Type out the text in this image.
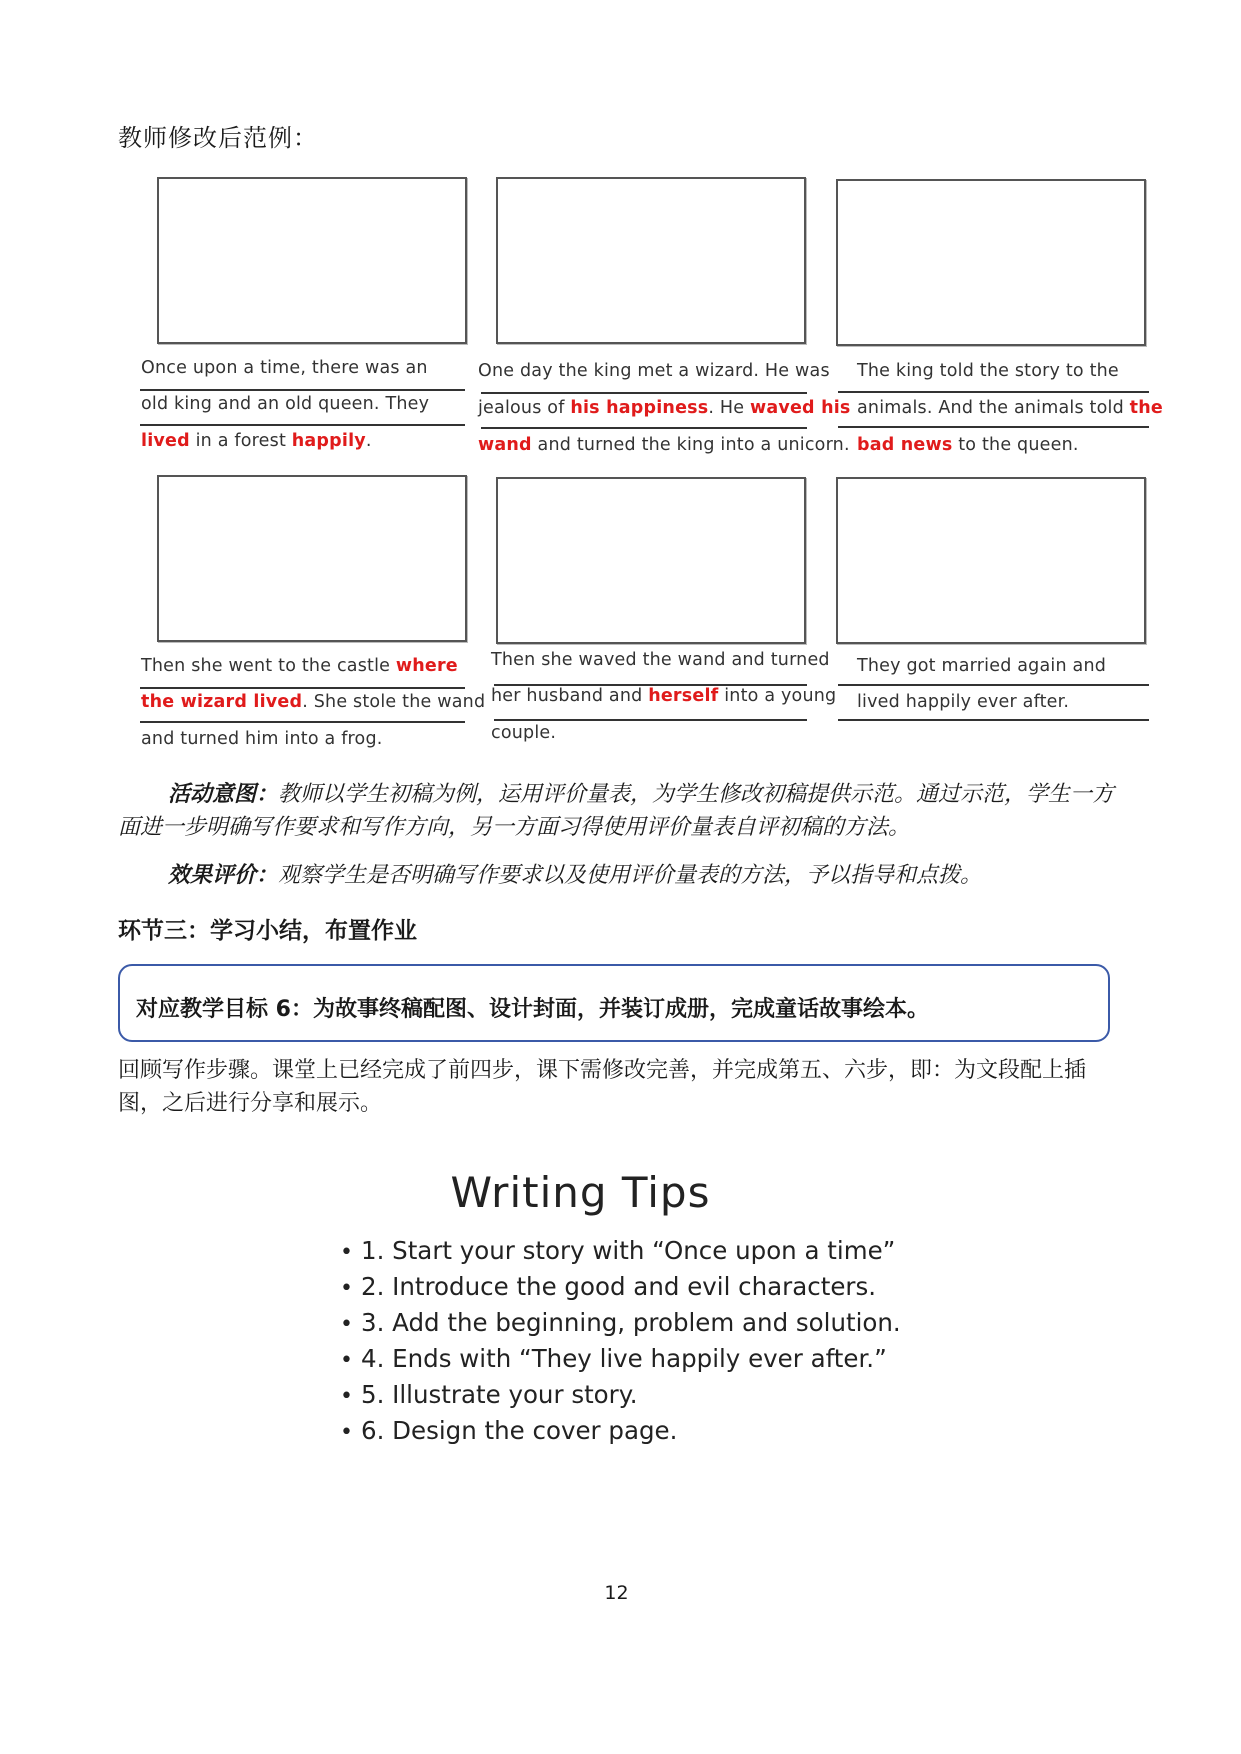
教师修改后范例：
Once upon a time, there was an
old king and an old queen. They
lived in a forest happily.
One day the king met a wizard. He was
jealous of his happiness. He waved his
wand and turned the king into a unicorn.
The king told the story to the
animals. And the animals told the
bad news to the queen.
Then she went to the castle where
the wizard lived. She stole the wand
and turned him into a frog.
Then she waved the wand and turned
her husband and herself into a young
couple.
They got married again and
lived happily ever after.
活动意图：教师以学生初稿为例，运用评价量表，为学生修改初稿提供示范。通过示范，学生一方面进一步明确写作要求和写作方向，另一方面习得使用评价量表自评初稿的方法。
效果评价：观察学生是否明确写作要求以及使用评价量表的方法，予以指导和点拨。
环节三：学习小结，布置作业
对应教学目标 6：为故事终稿配图、设计封面，并装订成册，完成童话故事绘本。
回顾写作步骤。课堂上已经完成了前四步，课下需修改完善，并完成第五、六步，即：为文段配上插图，之后进行分享和展示。
Writing Tips
• 1. Start your story with “Once upon a time”
• 2. Introduce the good and evil characters.
• 3. Add the beginning, problem and solution.
• 4. Ends with “They live happily ever after.”
• 5. Illustrate your story.
• 6. Design the cover page.
12
